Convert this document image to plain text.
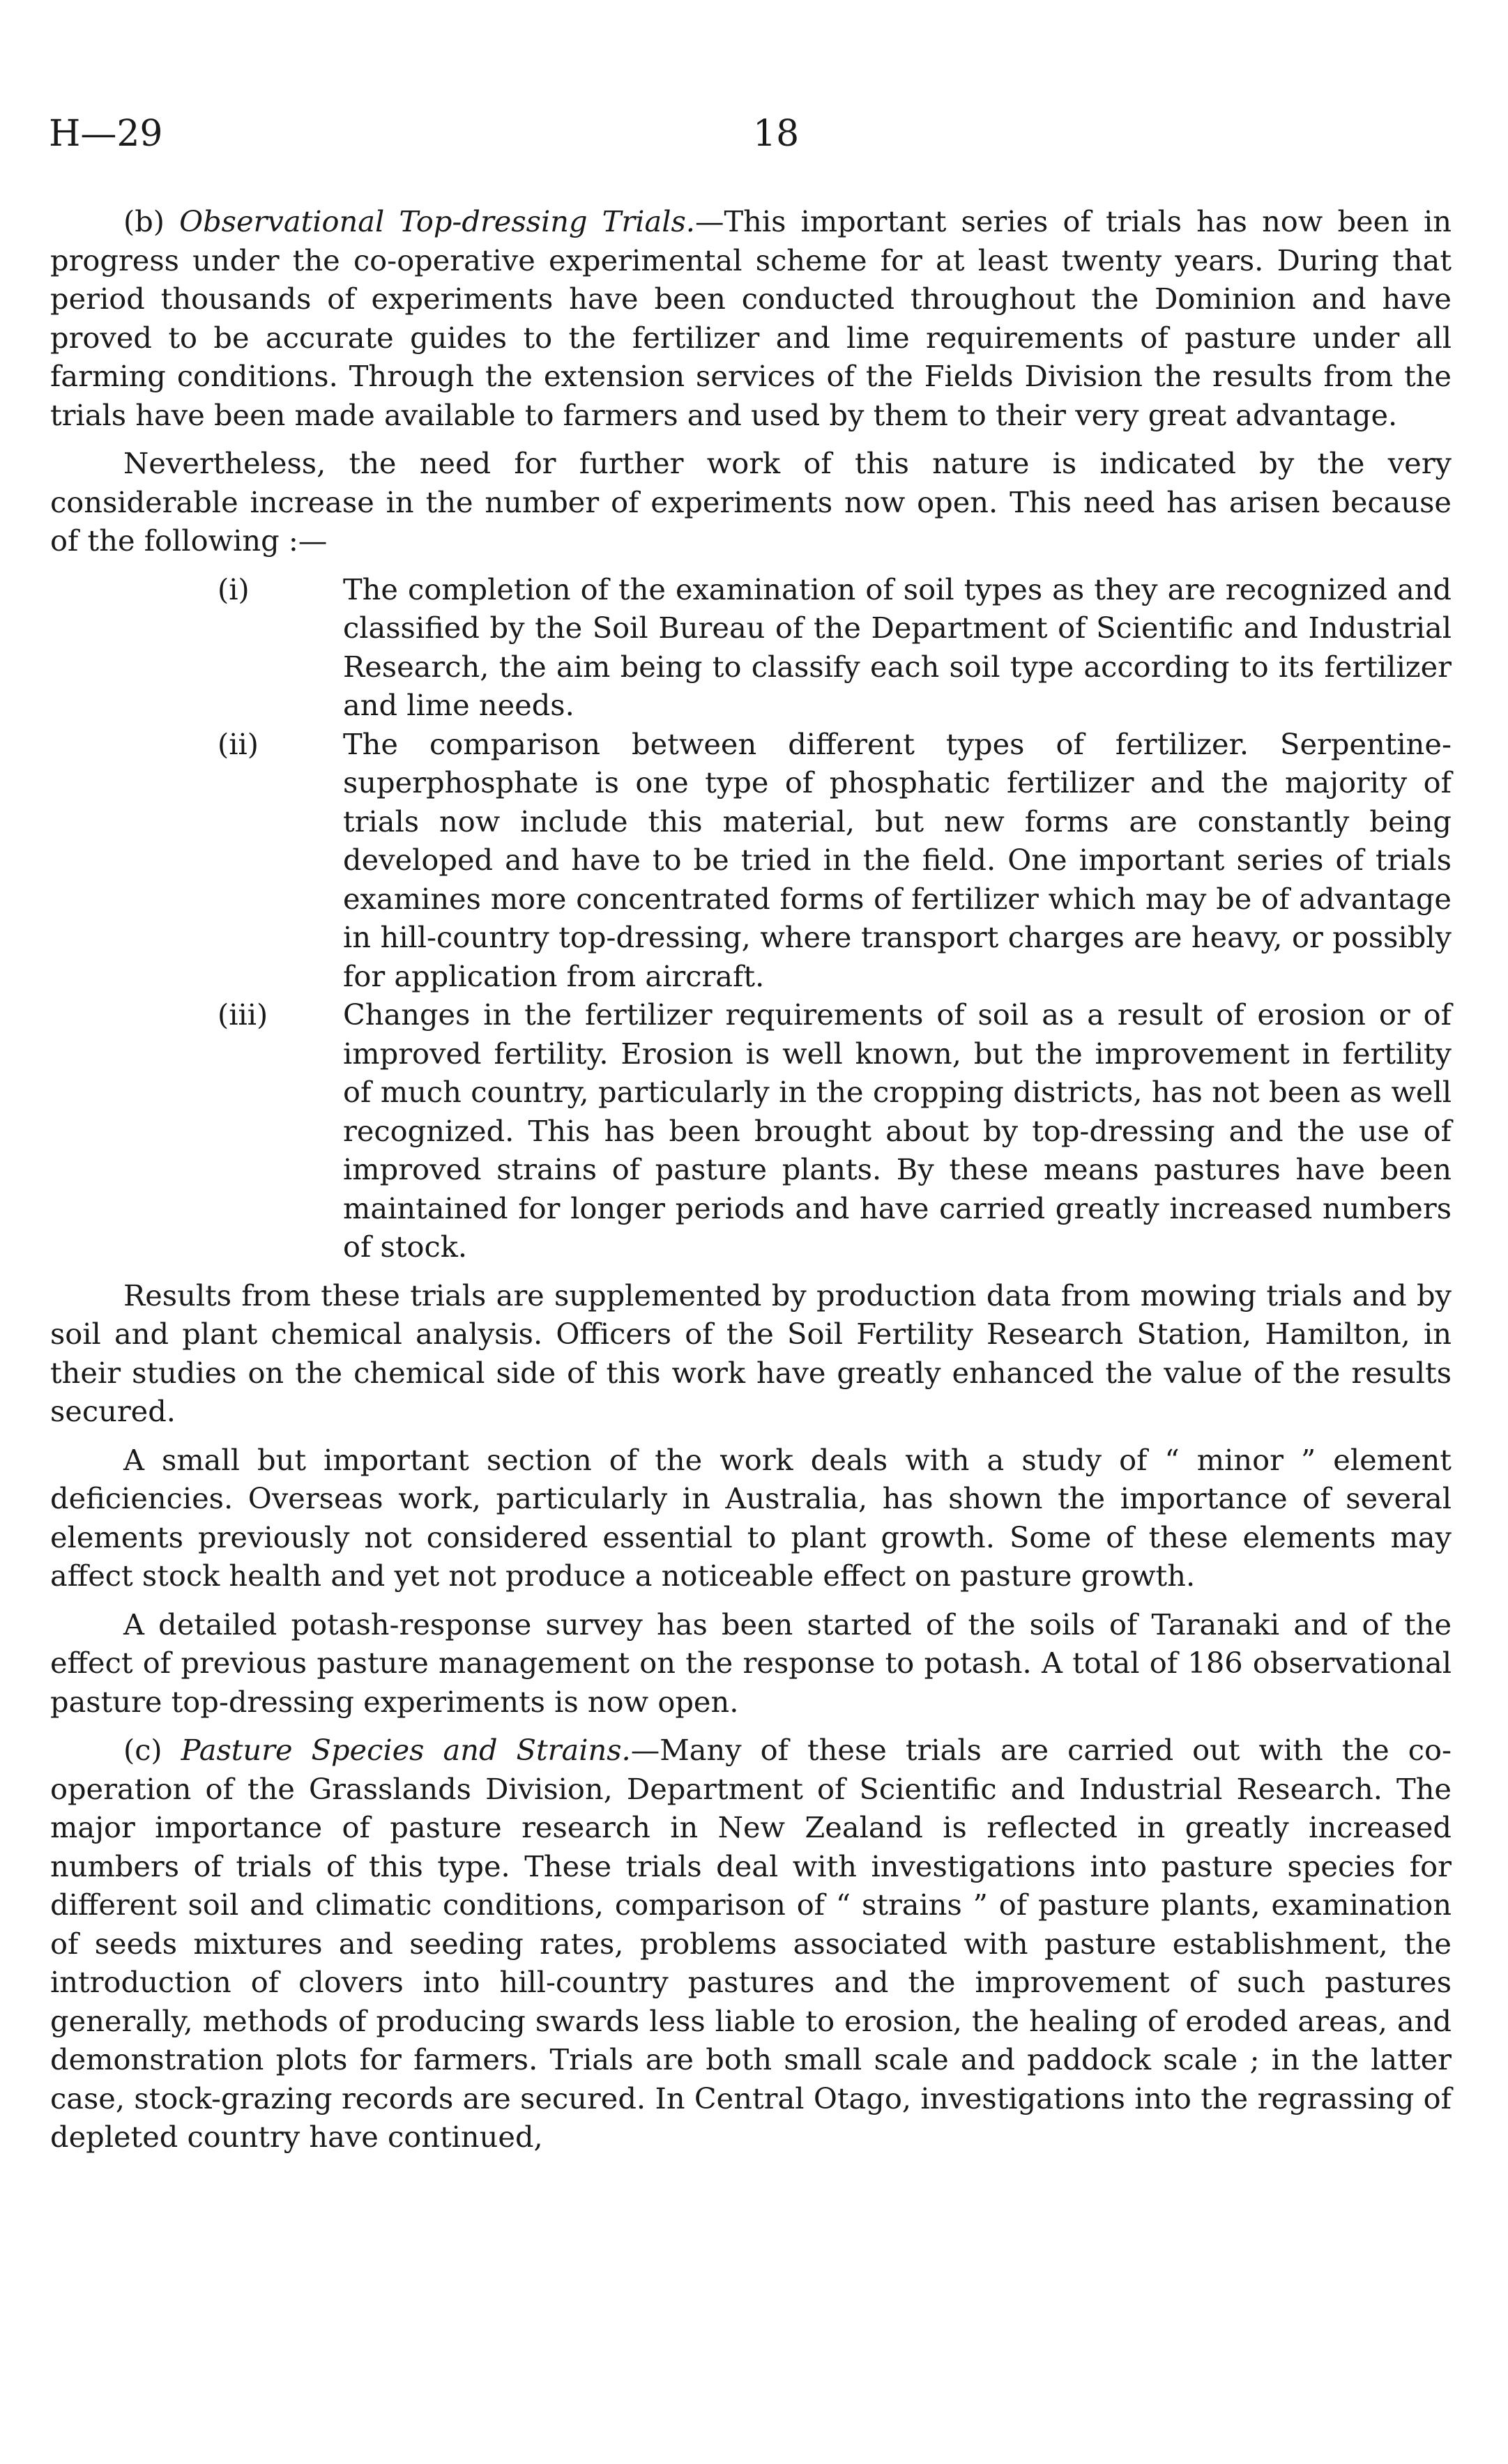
H—29	18

(b) Observational Top-dressing Trials.—This important series of trials has now been in progress under the co-operative experimental scheme for at least twenty years. During that period thousands of experiments have been conducted throughout the Dominion and have proved to be accurate guides to the fertilizer and lime requirements of pasture under all farming conditions. Through the extension services of the Fields Division the results from the trials have been made available to farmers and used by them to their very great advantage.

Nevertheless, the need for further work of this nature is indicated by the very considerable increase in the number of experiments now open. This need has arisen because of the following :—

(i)	The completion of the examination of soil types as they are recognized and classified by the Soil Bureau of the Department of Scientific and Industrial Research, the aim being to classify each soil type according to its fertilizer and lime needs.
(ii)	The comparison between different types of fertilizer. Serpentine-superphosphate is one type of phosphatic fertilizer and the majority of trials now include this material, but new forms are constantly being developed and have to be tried in the field. One important series of trials examines more concentrated forms of fertilizer which may be of advantage in hill-country top-dressing, where transport charges are heavy, or possibly for application from aircraft.
(iii)	Changes in the fertilizer requirements of soil as a result of erosion or of improved fertility. Erosion is well known, but the improvement in fertility of much country, particularly in the cropping districts, has not been as well recognized. This has been brought about by top-dressing and the use of improved strains of pasture plants. By these means pastures have been maintained for longer periods and have carried greatly increased numbers of stock.

Results from these trials are supplemented by production data from mowing trials and by soil and plant chemical analysis. Officers of the Soil Fertility Research Station, Hamilton, in their studies on the chemical side of this work have greatly enhanced the value of the results secured.

A small but important section of the work deals with a study of “ minor ” element deficiencies. Overseas work, particularly in Australia, has shown the importance of several elements previously not considered essential to plant growth. Some of these elements may affect stock health and yet not produce a noticeable effect on pasture growth.

A detailed potash-response survey has been started of the soils of Taranaki and of the effect of previous pasture management on the response to potash. A total of 186 observational pasture top-dressing experiments is now open.

(c) Pasture Species and Strains.—Many of these trials are carried out with the co-operation of the Grasslands Division, Department of Scientific and Industrial Research. The major importance of pasture research in New Zealand is reflected in greatly increased numbers of trials of this type. These trials deal with investigations into pasture species for different soil and climatic conditions, comparison of “ strains ” of pasture plants, examination of seeds mixtures and seeding rates, problems associated with pasture establishment, the introduction of clovers into hill-country pastures and the improvement of such pastures generally, methods of producing swards less liable to erosion, the healing of eroded areas, and demonstration plots for farmers. Trials are both small scale and paddock scale ; in the latter case, stock-grazing records are secured. In Central Otago, investigations into the regrassing of depleted country have continued,
